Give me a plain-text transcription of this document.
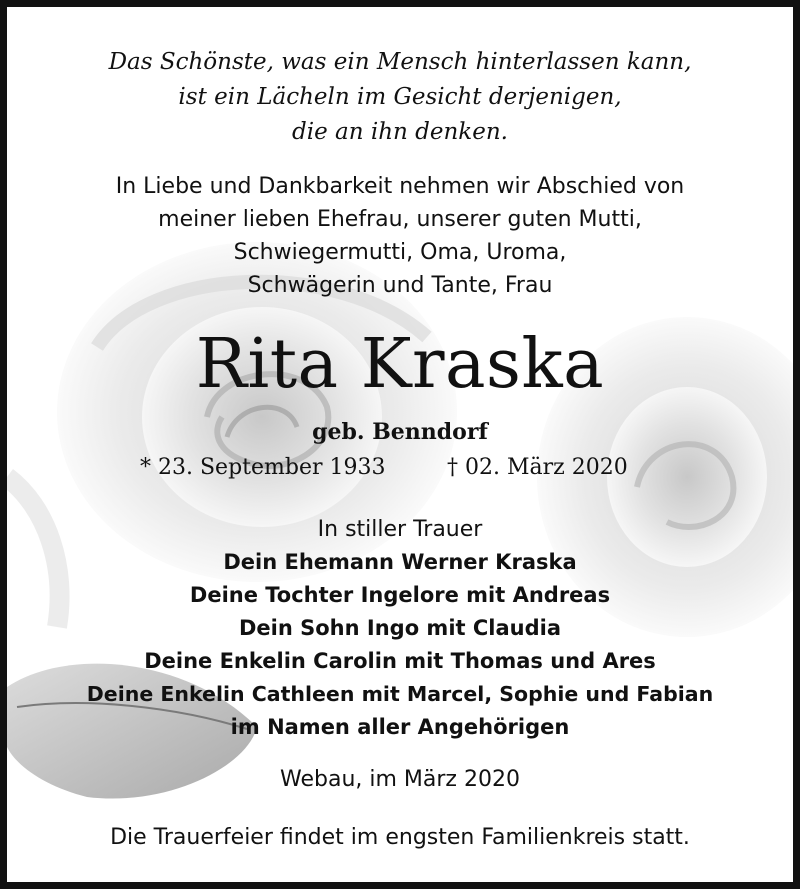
Das Schönste, was ein Mensch hinterlassen kann,
ist ein Lächeln im Gesicht derjenigen,
die an ihn denken.
In Liebe und Dankbarkeit nehmen wir Abschied von
meiner lieben Ehefrau, unserer guten Mutti,
Schwiegermutti, Oma, Uroma,
Schwägerin und Tante, Frau
Rita Kraska
geb. Benndorf
* 23. September 1933	† 02. März 2020
In stiller Trauer
Dein Ehemann Werner Kraska
Deine Tochter Ingelore mit Andreas
Dein Sohn Ingo mit Claudia
Deine Enkelin Carolin mit Thomas und Ares
Deine Enkelin Cathleen mit Marcel, Sophie und Fabian
im Namen aller Angehörigen
Webau, im März 2020
Die Trauerfeier findet im engsten Familienkreis statt.
